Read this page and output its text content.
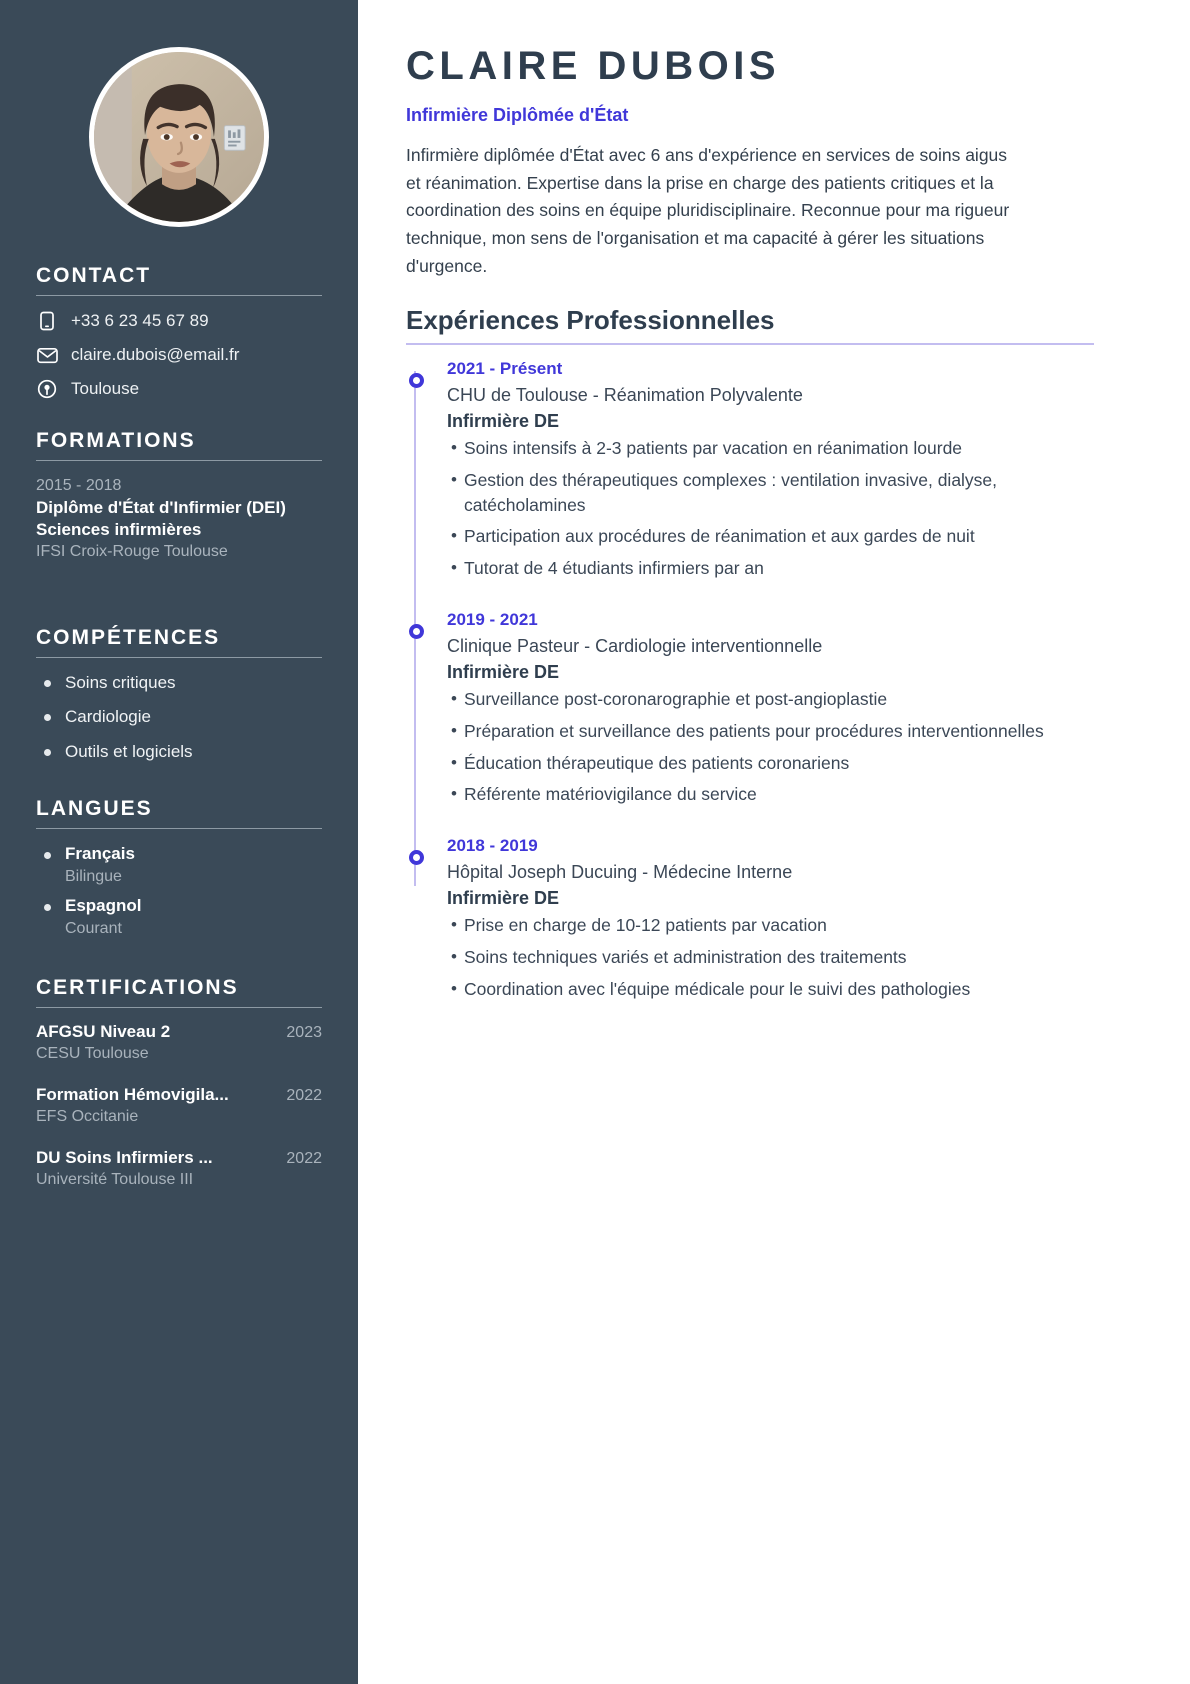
CONTACT
+33 6 23 45 67 89
claire.dubois@email.fr
Toulouse
FORMATIONS
2015 - 2018
Diplôme d'État d'Infirmier (DEI) Sciences infirmières
IFSI Croix-Rouge Toulouse
COMPÉTENCES
Soins critiques
Cardiologie
Outils et logiciels
LANGUES
Français
Bilingue
Espagnol
Courant
CERTIFICATIONS
AFGSU Niveau 2	2023
CESU Toulouse
Formation Hémovigila...	2022
EFS Occitanie
DU Soins Infirmiers ...	2022
Université Toulouse III
CLAIRE DUBOIS
Infirmière Diplômée d'État

Infirmière diplômée d'État avec 6 ans d'expérience en services de soins aigus et réanimation. Expertise dans la prise en charge des patients critiques et la coordination des soins en équipe pluridisciplinaire. Reconnue pour ma rigueur technique, mon sens de l'organisation et ma capacité à gérer les situations d'urgence.

Expériences Professionnelles
2021 - Présent
CHU de Toulouse - Réanimation Polyvalente
Infirmière DE
• Soins intensifs à 2-3 patients par vacation en réanimation lourde
• Gestion des thérapeutiques complexes : ventilation invasive, dialyse, catécholamines
• Participation aux procédures de réanimation et aux gardes de nuit
• Tutorat de 4 étudiants infirmiers par an
2019 - 2021
Clinique Pasteur - Cardiologie interventionnelle
Infirmière DE
• Surveillance post-coronarographie et post-angioplastie
• Préparation et surveillance des patients pour procédures interventionnelles
• Éducation thérapeutique des patients coronariens
• Référente matériovigilance du service
2018 - 2019
Hôpital Joseph Ducuing - Médecine Interne
Infirmière DE
• Prise en charge de 10-12 patients par vacation
• Soins techniques variés et administration des traitements
• Coordination avec l'équipe médicale pour le suivi des pathologies
